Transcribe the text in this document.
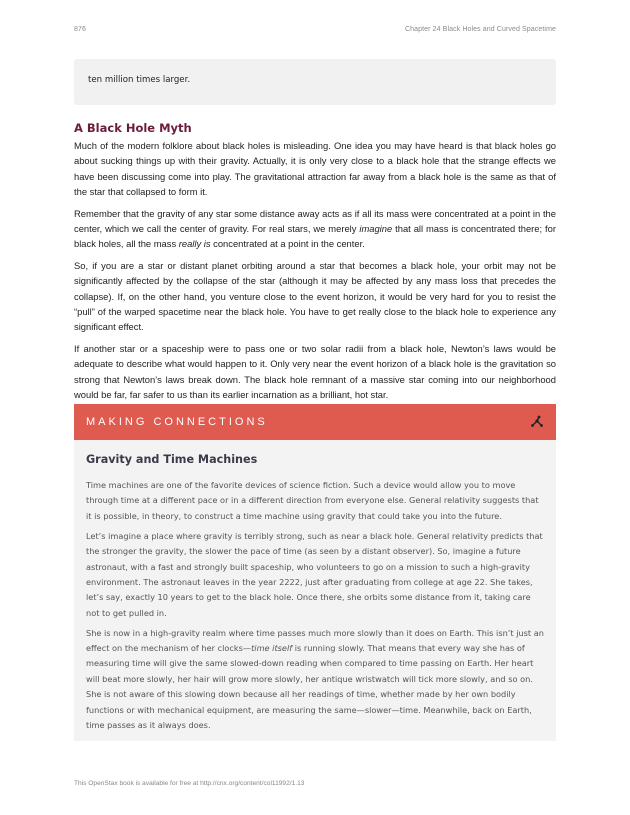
876	Chapter 24 Black Holes and Curved Spacetime
ten million times larger.
A Black Hole Myth

Much of the modern folklore about black holes is misleading. One idea you may have heard is that black holes go about sucking things up with their gravity. Actually, it is only very close to a black hole that the strange effects we have been discussing come into play. The gravitational attraction far away from a black hole is the same as that of the star that collapsed to form it.

Remember that the gravity of any star some distance away acts as if all its mass were concentrated at a point in the center, which we call the center of gravity. For real stars, we merely imagine that all mass is concentrated there; for black holes, all the mass really is concentrated at a point in the center.

So, if you are a star or distant planet orbiting around a star that becomes a black hole, your orbit may not be significantly affected by the collapse of the star (although it may be affected by any mass loss that precedes the collapse). If, on the other hand, you venture close to the event horizon, it would be very hard for you to resist the “pull” of the warped spacetime near the black hole. You have to get really close to the black hole to experience any significant effect.

If another star or a spaceship were to pass one or two solar radii from a black hole, Newton’s laws would be adequate to describe what would happen to it. Only very near the event horizon of a black hole is the gravitation so strong that Newton’s laws break down. The black hole remnant of a massive star coming into our neighborhood would be far, far safer to us than its earlier incarnation as a brilliant, hot star.

MAKING CONNECTIONS
Gravity and Time Machines

Time machines are one of the favorite devices of science fiction. Such a device would allow you to move through time at a different pace or in a different direction from everyone else. General relativity suggests that it is possible, in theory, to construct a time machine using gravity that could take you into the future.

Let’s imagine a place where gravity is terribly strong, such as near a black hole. General relativity predicts that the stronger the gravity, the slower the pace of time (as seen by a distant observer). So, imagine a future astronaut, with a fast and strongly built spaceship, who volunteers to go on a mission to such a high-gravity environment. The astronaut leaves in the year 2222, just after graduating from college at age 22. She takes, let’s say, exactly 10 years to get to the black hole. Once there, she orbits some distance from it, taking care not to get pulled in.

She is now in a high-gravity realm where time passes much more slowly than it does on Earth. This isn’t just an effect on the mechanism of her clocks—time itself is running slowly. That means that every way she has of measuring time will give the same slowed-down reading when compared to time passing on Earth. Her heart will beat more slowly, her hair will grow more slowly, her antique wristwatch will tick more slowly, and so on. She is not aware of this slowing down because all her readings of time, whether made by her own bodily functions or with mechanical equipment, are measuring the same—slower—time. Meanwhile, back on Earth, time passes as it always does.

This OpenStax book is available for free at http://cnx.org/content/col11992/1.13
